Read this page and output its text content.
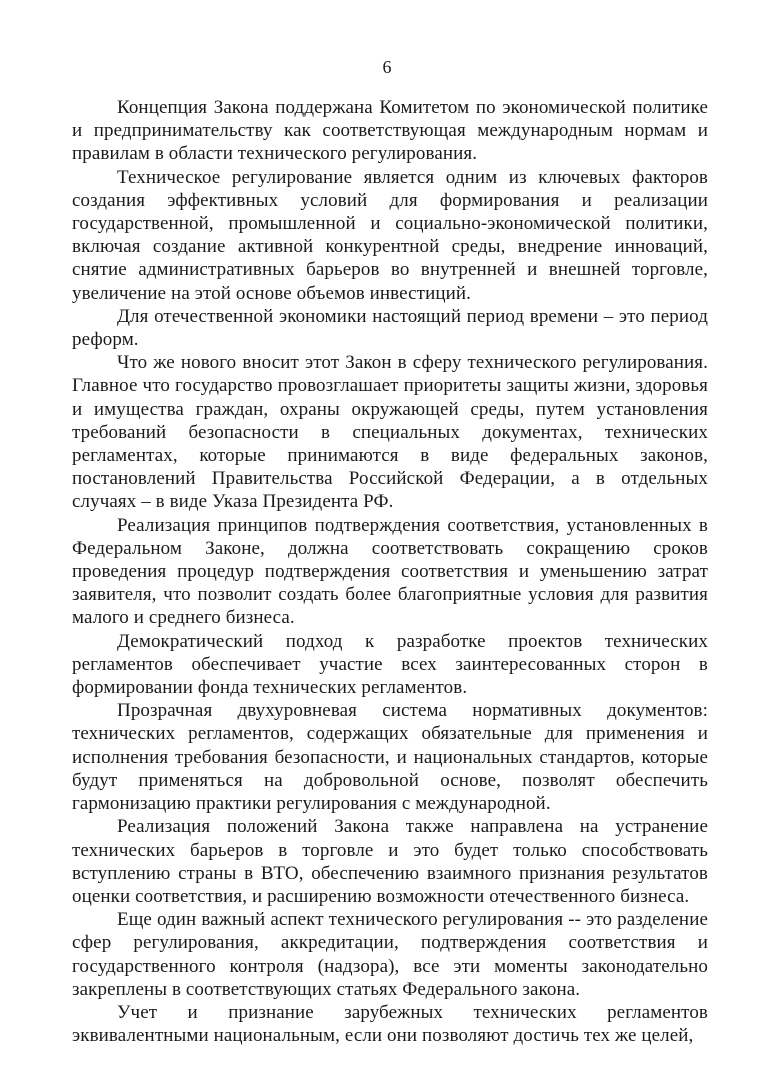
6

Концепция Закона поддержана Комитетом по экономической политике и предпринимательству как соответствующая международным нормам и правилам в области технического регулирования.

Техническое регулирование является одним из ключевых факторов создания эффективных условий для формирования и реализации государственной, промышленной и социально-экономической политики, включая создание активной конкурентной среды, внедрение инноваций, снятие административных барьеров во внутренней и внешней торговле, увеличение на этой основе объемов инвестиций.

Для отечественной экономики настоящий период времени – это период реформ.

Что же нового вносит этот Закон в сферу технического регулирования. Главное что государство провозглашает приоритеты защиты жизни, здоровья и имущества граждан, охраны окружающей среды, путем установления требований безопасности в специальных документах, технических регламентах, которые принимаются в виде федеральных законов, постановлений Правительства Российской Федерации, а в отдельных случаях – в виде Указа Президента РФ.

Реализация принципов подтверждения соответствия, установленных в Федеральном Законе, должна соответствовать сокращению сроков проведения процедур подтверждения соответствия и уменьшению затрат заявителя, что позволит создать более благоприятные условия для развития малого и среднего бизнеса.

Демократический подход к разработке проектов технических регламентов обеспечивает участие всех заинтересованных сторон в формировании фонда технических регламентов.

Прозрачная двухуровневая система нормативных документов: технических регламентов, содержащих обязательные для применения и исполнения требования безопасности, и национальных стандартов, которые будут применяться на добровольной основе, позволят обеспечить гармонизацию практики регулирования с международной.

Реализация положений Закона также направлена на устранение технических барьеров в торговле и это будет только способствовать вступлению страны в ВТО, обеспечению взаимного признания результатов оценки соответствия, и расширению возможности отечественного бизнеса.

Еще один важный аспект технического регулирования -- это разделение сфер регулирования, аккредитации, подтверждения соответствия и государственного контроля (надзора), все эти моменты законодательно закреплены в соответствующих статьях Федерального закона.

Учет и признание зарубежных технических регламентов эквивалентными национальным, если они позволяют достичь тех же целей,
